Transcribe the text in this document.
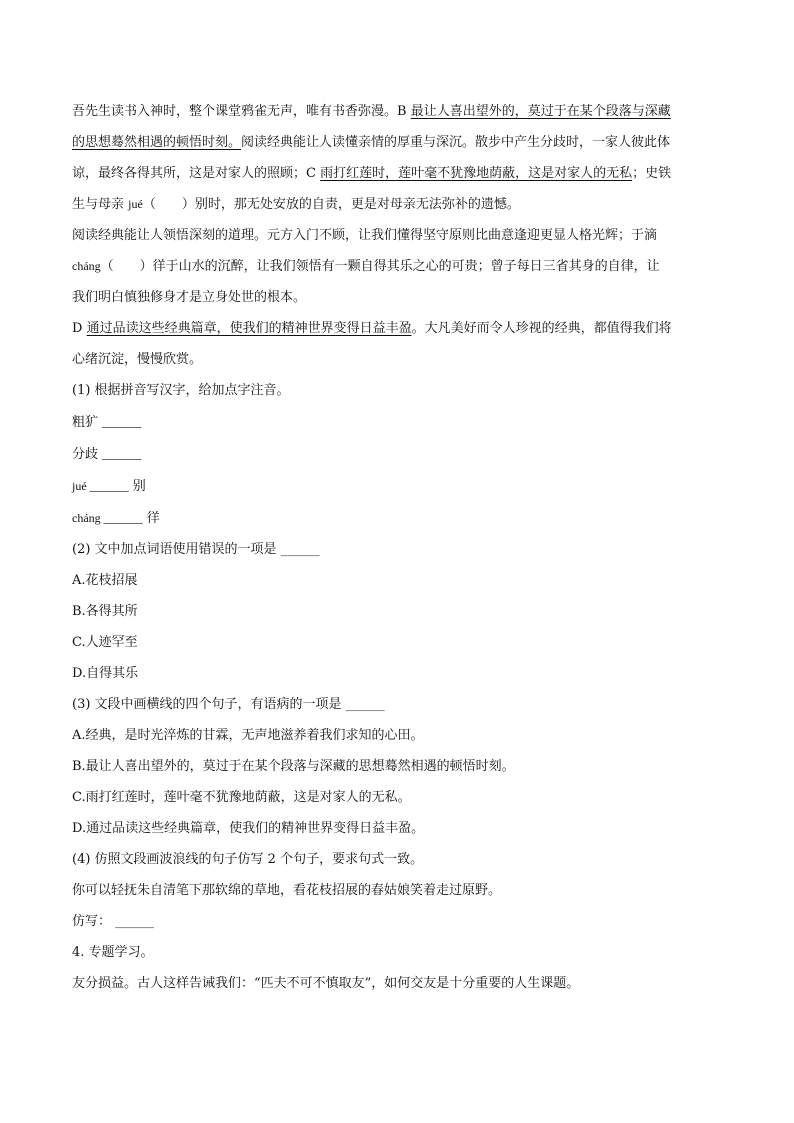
吾先生读书入神时，整个课堂鸦雀无声，唯有书香弥漫。B 最让人喜出望外的，莫过于在某个段落与深藏
的思想蓦然相遇的顿悟时刻。阅读经典能让人读懂亲情的厚重与深沉。散步中产生分歧时，一家人彼此体
谅，最终各得其所，这是对家人的照顾；C 雨打红莲时，莲叶毫不犹豫地荫蔽，这是对家人的无私；史铁
生与母亲 jué（　　）别时，那无处安放的自责，更是对母亲无法弥补的遗憾。
阅读经典能让人领悟深刻的道理。元方入门不顾，让我们懂得坚守原则比曲意逢迎更显人格光辉；于滴
cháng（　　）徉于山水的沉醉，让我们领悟有一颗自得其乐之心的可贵；曾子每日三省其身的自律，让
我们明白慎独修身才是立身处世的根本。
D 通过品读这些经典篇章，使我们的精神世界变得日益丰盈。大凡美好而令人珍视的经典，都值得我们将
心绪沉淀，慢慢欣赏。
(1) 根据拼音写汉字，给加点字注音。
粗犷 ______
分歧 ______
jué ______ 别
cháng ______ 徉
(2) 文中加点词语使用错误的一项是 ______
A.花枝招展
B.各得其所
C.人迹罕至
D.自得其乐
(3) 文段中画横线的四个句子，有语病的一项是 ______
A.经典，是时光淬炼的甘霖，无声地滋养着我们求知的心田。
B.最让人喜出望外的，莫过于在某个段落与深藏的思想蓦然相遇的顿悟时刻。
C.雨打红莲时，莲叶毫不犹豫地荫蔽，这是对家人的无私。
D.通过品读这些经典篇章，使我们的精神世界变得日益丰盈。
(4) 仿照文段画波浪线的句子仿写 2 个句子，要求句式一致。
你可以轻抚朱自清笔下那软绵的草地，看花枝招展的春姑娘笑着走过原野。
仿写： ______
4. 专题学习。
友分损益。古人这样告诫我们：“匹夫不可不慎取友”，如何交友是十分重要的人生课题。
